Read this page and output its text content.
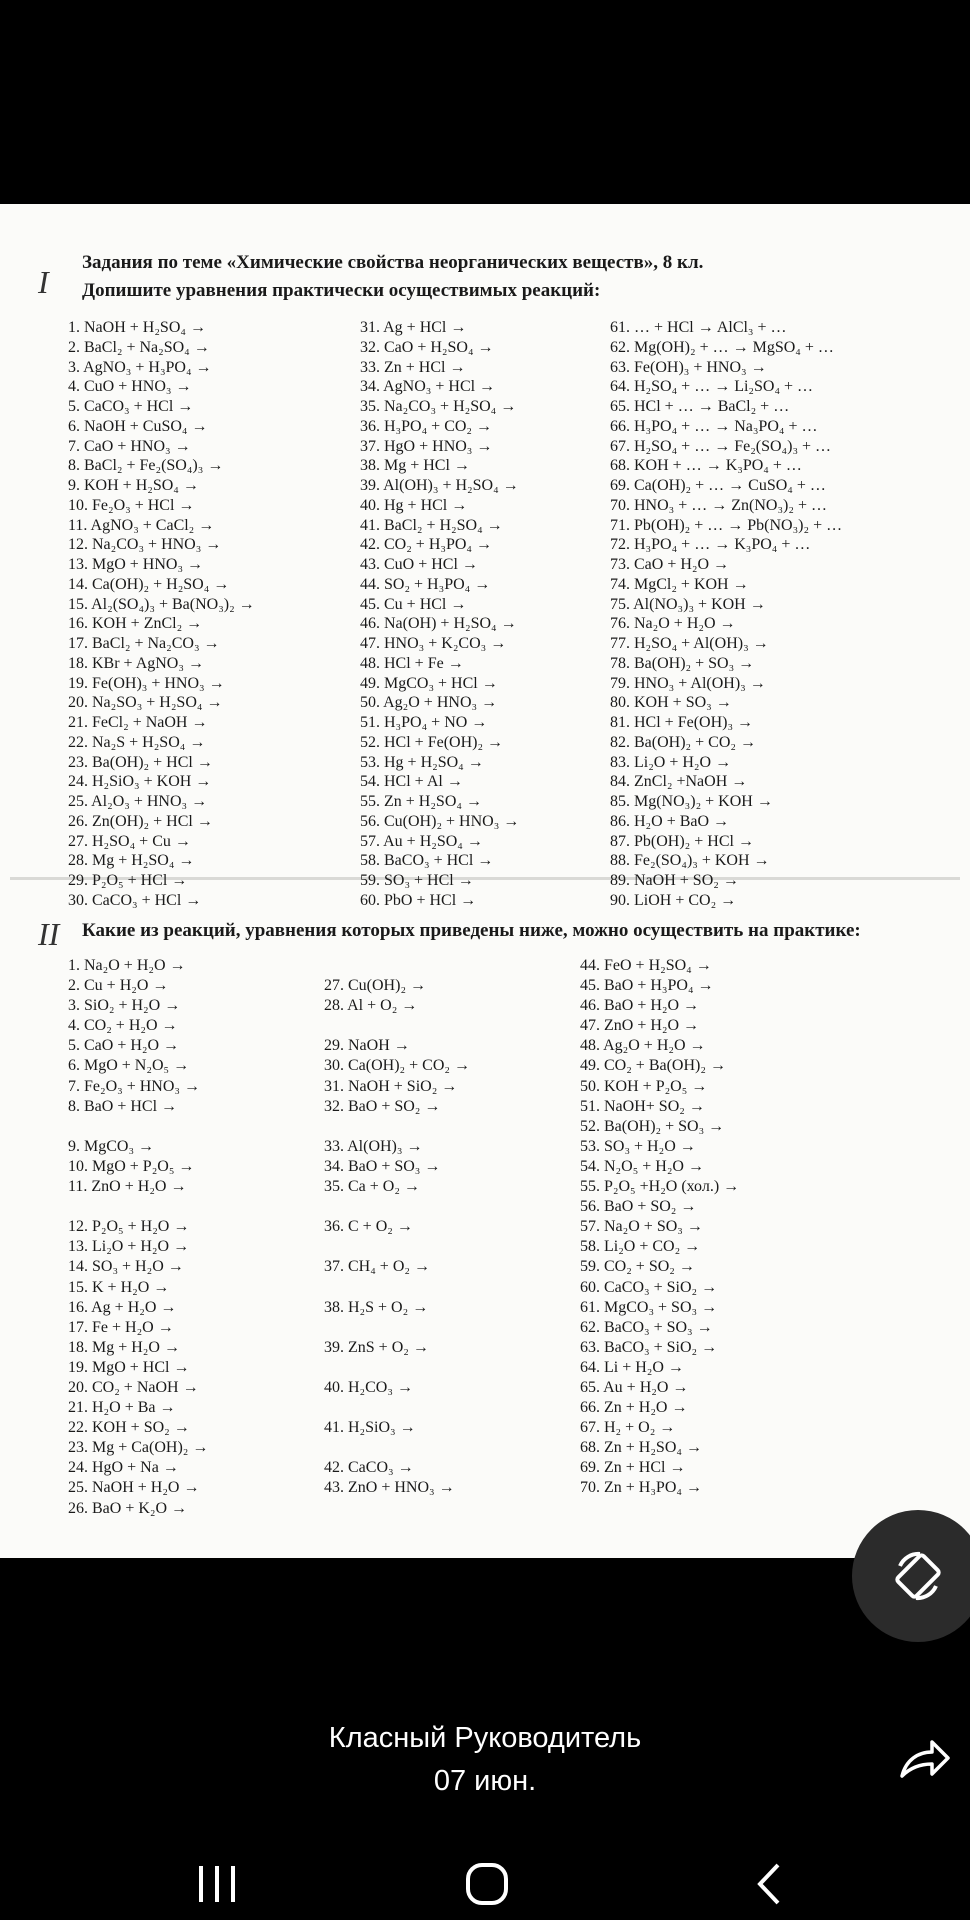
I
Задания по теме «Химические свойства неорганических веществ», 8 кл.
Допишите уравнения практически осуществимых реакций:
1. NaOH + H₂SO₄ →
2. BaCl₂ + Na₂SO₄ →
3. AgNO₃ + H₃PO₄ →
4. CuO + HNO₃ →
5. CaCO₃ + HCl →
6. NaOH + CuSO₄ →
7. CaO + HNO₃ →
8. BaCl₂ + Fe₂(SO₄)₃ →
9. KOH + H₂SO₄ →
10. Fe₂O₃ + HCl →
11. AgNO₃ + CaCl₂ →
12. Na₂CO₃ + HNO₃ →
13. MgO + HNO₃ →
14. Ca(OH)₂ + H₂SO₄ →
15. Al₂(SO₄)₃ + Ba(NO₃)₂ →
16. KOH + ZnCl₂ →
17. BaCl₂ + Na₂CO₃ →
18. KBr + AgNO₃ →
19. Fe(OH)₃ + HNO₃ →
20. Na₂SO₃ + H₂SO₄ →
21. FeCl₂ + NaOH →
22. Na₂S + H₂SO₄ →
23. Ba(OH)₂ + HCl →
24. H₂SiO₃ + KOH →
25. Al₂O₃ + HNO₃ →
26. Zn(OH)₂ + HCl →
27. H₂SO₄ + Cu →
28. Mg + H₂SO₄ →
29. P₂O₅ + HCl →
30. CaCO₃ + HCl →
31. Ag + HCl →
32. CaO + H₂SO₄ →
33. Zn + HCl →
34. AgNO₃ + HCl →
35. Na₂CO₃ + H₂SO₄ →
36. H₃PO₄ + CO₂ →
37. HgO + HNO₃ →
38. Mg + HCl →
39. Al(OH)₃ + H₂SO₄ →
40. Hg + HCl →
41. BaCl₂ + H₂SO₄ →
42. CO₂ + H₃PO₄ →
43. CuO + HCl →
44. SO₂ + H₃PO₄ →
45. Cu + HCl →
46. Na(OH) + H₂SO₄ →
47. HNO₃ + K₂CO₃ →
48. HCl + Fe →
49. MgCO₃ + HCl →
50. Ag₂O + HNO₃ →
51. H₃PO₄ + NO →
52. HCl + Fe(OH)₂ →
53. Hg + H₂SO₄ →
54. HCl + Al →
55. Zn + H₂SO₄ →
56. Cu(OH)₂ + HNO₃ →
57. Au + H₂SO₄ →
58. BaCO₃ + HCl →
59. SO₃ + HCl →
60. PbO + HCl →
61. … + HCl → AlCl₃ + …
62. Mg(OH)₂ + … → MgSO₄ + …
63. Fe(OH)₃ + HNO₃ →
64. H₂SO₄ + … → Li₂SO₄ + …
65. HCl + … → BaCl₂ + …
66. H₃PO₄ + … → Na₃PO₄ + …
67. H₂SO₄ + … → Fe₂(SO₄)₃ + …
68. KOH + … → K₃PO₄ + …
69. Ca(OH)₂ + … → CuSO₄ + …
70. HNO₃ + … → Zn(NO₃)₂ + …
71. Pb(OH)₂ + … → Pb(NO₃)₂ + …
72. H₃PO₄ + … → K₃PO₄ + …
73. CaO + H₂O →
74. MgCl₂ + KOH →
75. Al(NO₃)₃ + KOH →
76. Na₂O + H₂O →
77. H₂SO₄ + Al(OH)₃ →
78. Ba(OH)₂ + SO₃ →
79. HNO₃ + Al(OH)₃ →
80. KOH + SO₃ →
81. HCl + Fe(OH)₃ →
82. Ba(OH)₂ + CO₂ →
83. Li₂O + H₂O →
84. ZnCl₂ +NaOH →
85. Mg(NO₃)₂ + KOH →
86. H₂O + BaO →
87. Pb(OH)₂ + HCl →
88. Fe₂(SO₄)₃ + KOH →
89. NaOH + SO₂ →
90. LiOH + CO₂ →
II Какие из реакций, уравнения которых приведены ниже, можно осуществить на практике:
1. Na₂O + H₂O →
2. Cu + H₂O →
3. SiO₂ + H₂O →
4. CO₂ + H₂O →
5. CaO + H₂O →
6. MgO + N₂O₅ →
7. Fe₂O₃ + HNO₃ →
8. BaO + HCl →
9. MgCO₃ →
10. MgO + P₂O₅ →
11. ZnO + H₂O →
12. P₂O₅ + H₂O →
13. Li₂O + H₂O →
14. SO₃ + H₂O →
15. K + H₂O →
16. Ag + H₂O →
17. Fe + H₂O →
18. Mg + H₂O →
19. MgO + HCl →
20. CO₂ + NaOH →
21. H₂O + Ba →
22. KOH + SO₂ →
23. Mg + Ca(OH)₂ →
24. HgO + Na →
25. NaOH + H₂O →
26. BaO + K₂O →
27. Cu(OH)₂ →
28. Al + O₂ →
29. NaOH →
30. Ca(OH)₂ + CO₂ →
31. NaOH + SiO₂ →
32. BaO + SO₂ →
33. Al(OH)₃ →
34. BaO + SO₃ →
35. Ca + O₂ →
36. C + O₂ →
37. CH₄ + O₂ →
38. H₂S + O₂ →
39. ZnS + O₂ →
40. H₂CO₃ →
41. H₂SiO₃ →
42. CaCO₃ →
43. ZnO + HNO₃ →
44. FeO + H₂SO₄ →
45. BaO + H₃PO₄ →
46. BaO + H₂O →
47. ZnO + H₂O →
48. Ag₂O + H₂O →
49. CO₂ + Ba(OH)₂ →
50. KOH + P₂O₅ →
51. NaOH+ SO₂ →
52. Ba(OH)₂ + SO₃ →
53. SO₃ + H₂O →
54. N₂O₅ + H₂O →
55. P₂O₅ +H₂O (хол.) →
56. BaO + SO₂ →
57. Na₂O + SO₃ →
58. Li₂O + CO₂ →
59. CO₂ + SO₂ →
60. CaCO₃ + SiO₂ →
61. MgCO₃ + SO₃ →
62. BaCO₃ + SO₃ →
63. BaCO₃ + SiO₂ →
64. Li + H₂O →
65. Au + H₂O →
66. Zn + H₂O →
67. H₂ + O₂ →
68. Zn + H₂SO₄ →
69. Zn + HCl →
70. Zn + H₃PO₄ →
Класный Руководитель
07 июн.
